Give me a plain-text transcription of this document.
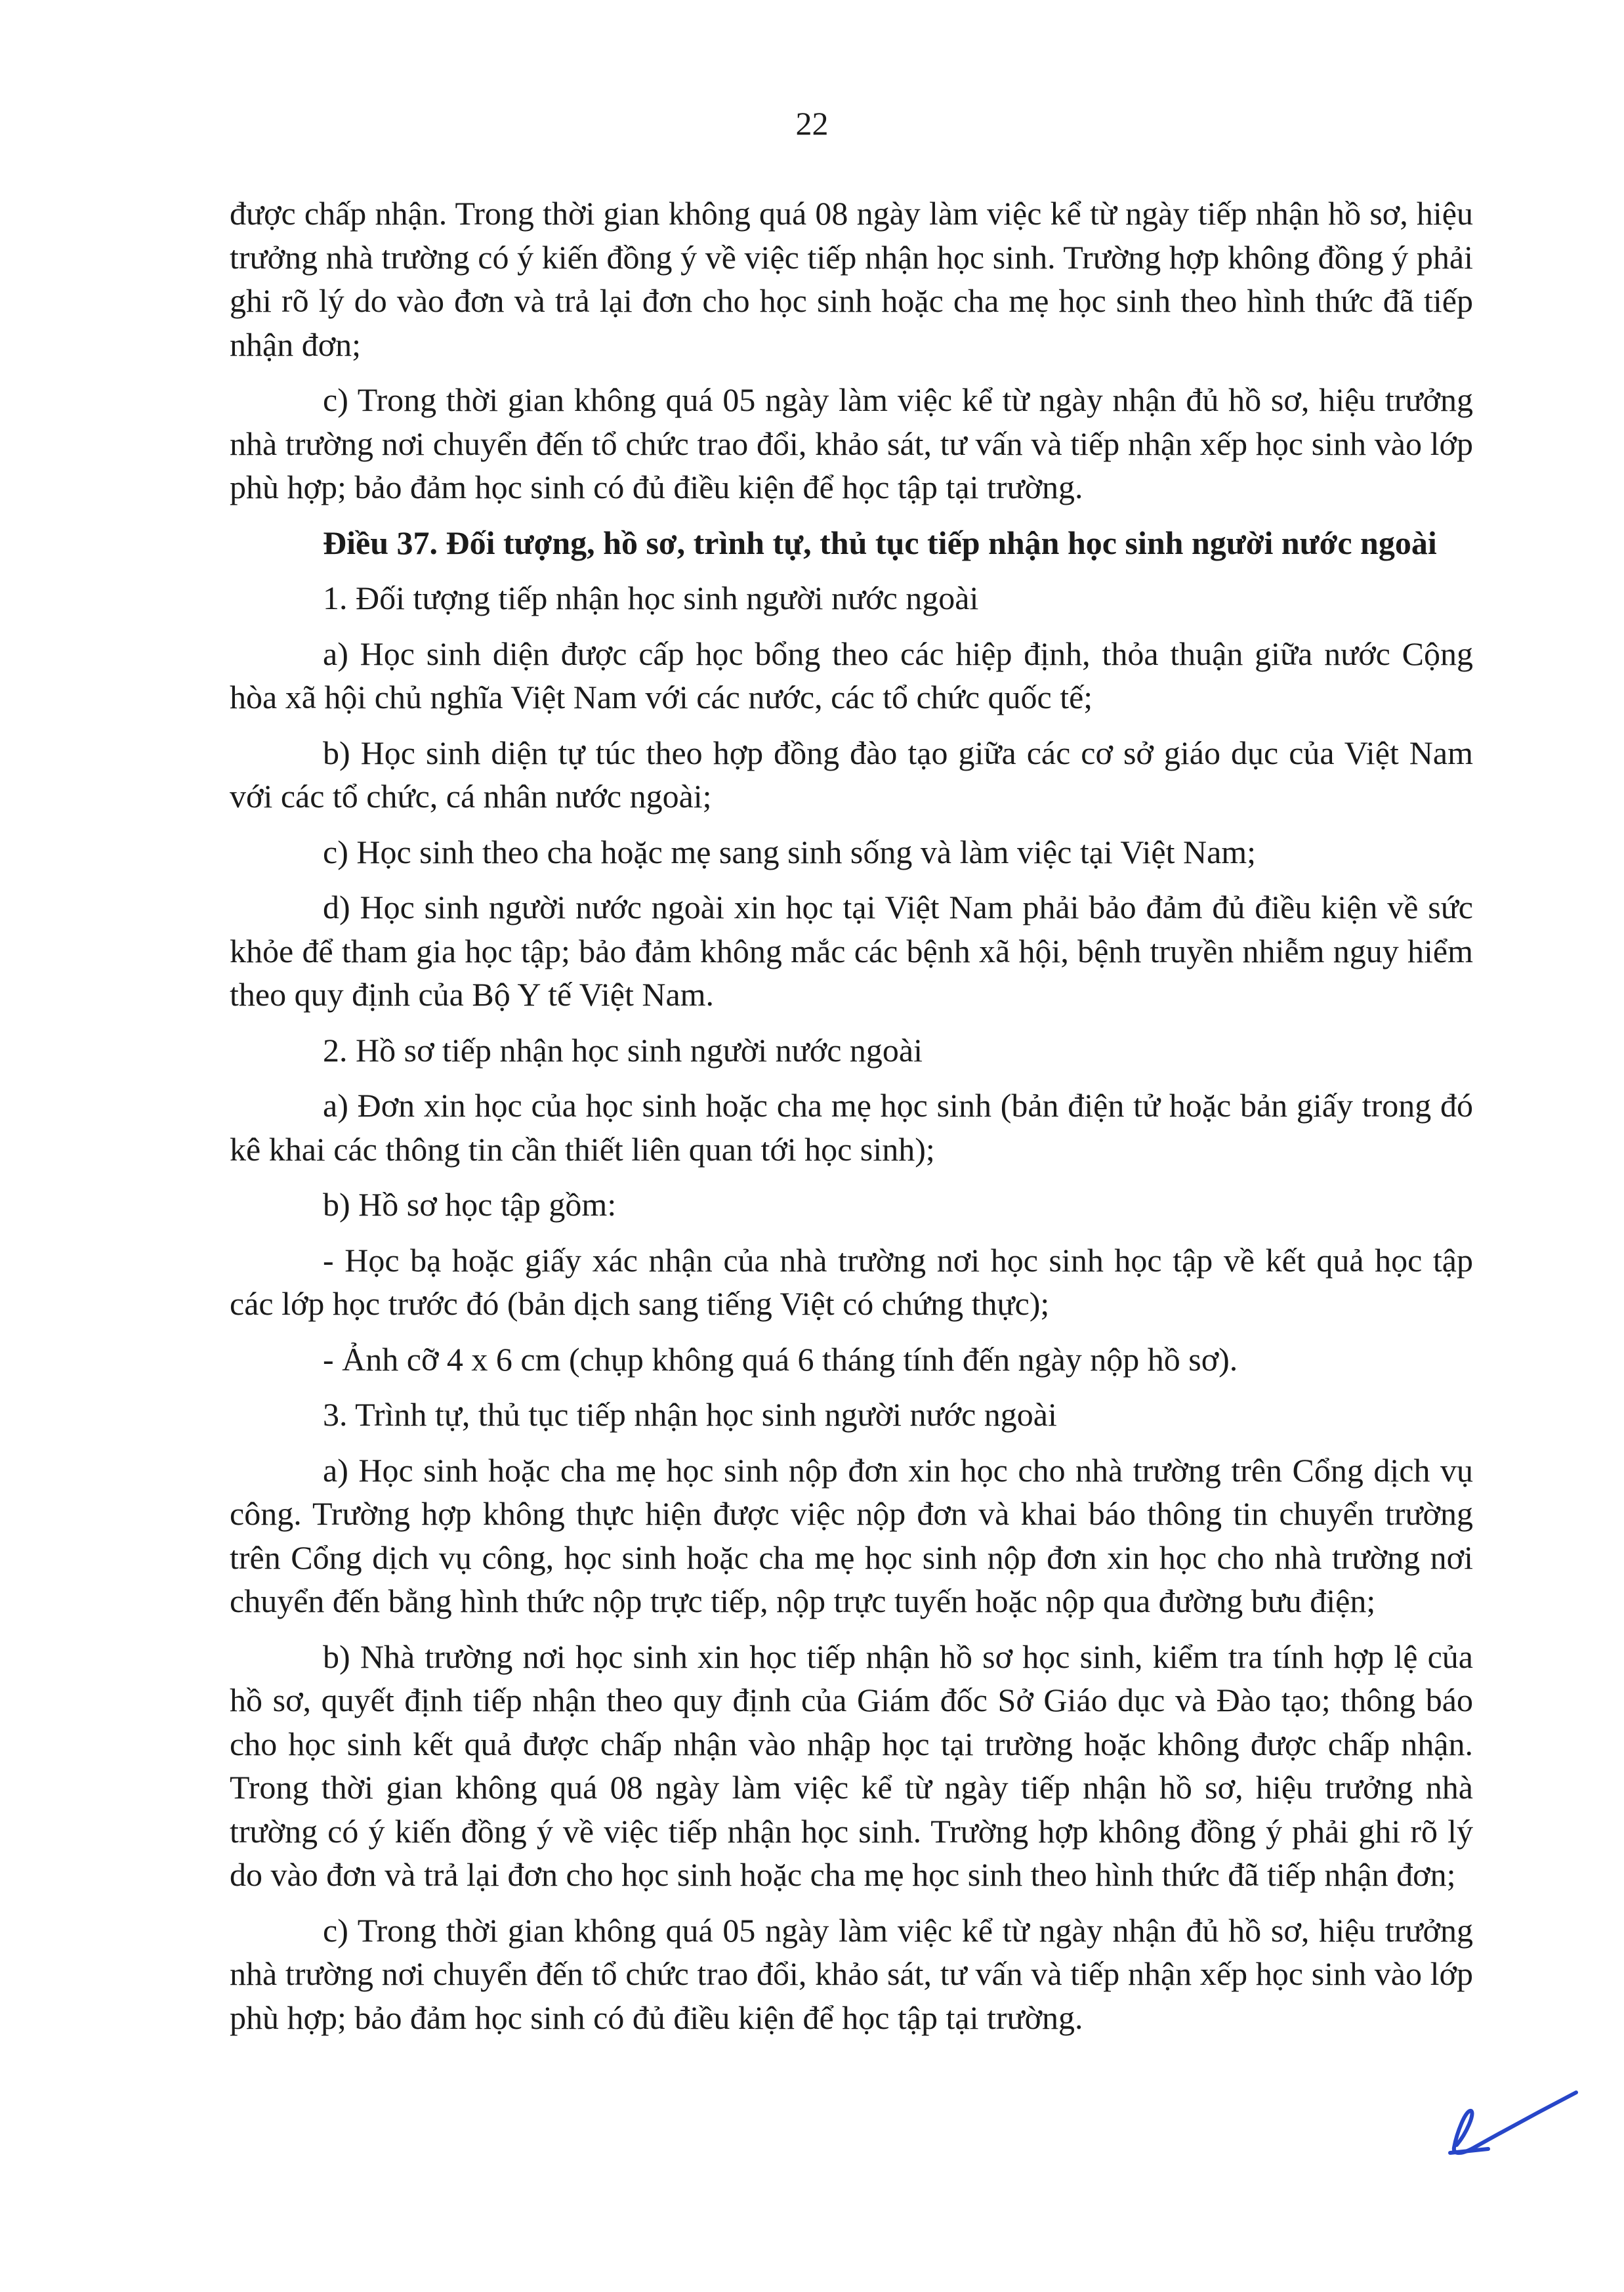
22

được chấp nhận. Trong thời gian không quá 08 ngày làm việc kể từ ngày tiếp nhận hồ sơ, hiệu trưởng nhà trường có ý kiến đồng ý về việc tiếp nhận học sinh. Trường hợp không đồng ý phải ghi rõ lý do vào đơn và trả lại đơn cho học sinh hoặc cha mẹ học sinh theo hình thức đã tiếp nhận đơn;

c) Trong thời gian không quá 05 ngày làm việc kể từ ngày nhận đủ hồ sơ, hiệu trưởng nhà trường nơi chuyển đến tổ chức trao đổi, khảo sát, tư vấn và tiếp nhận xếp học sinh vào lớp phù hợp; bảo đảm học sinh có đủ điều kiện để học tập tại trường.

Điều 37. Đối tượng, hồ sơ, trình tự, thủ tục tiếp nhận học sinh người nước ngoài

1. Đối tượng tiếp nhận học sinh người nước ngoài

a) Học sinh diện được cấp học bổng theo các hiệp định, thỏa thuận giữa nước Cộng hòa xã hội chủ nghĩa Việt Nam với các nước, các tổ chức quốc tế;

b) Học sinh diện tự túc theo hợp đồng đào tạo giữa các cơ sở giáo dục của Việt Nam với các tổ chức, cá nhân nước ngoài;

c) Học sinh theo cha hoặc mẹ sang sinh sống và làm việc tại Việt Nam;

d) Học sinh người nước ngoài xin học tại Việt Nam phải bảo đảm đủ điều kiện về sức khỏe để tham gia học tập; bảo đảm không mắc các bệnh xã hội, bệnh truyền nhiễm nguy hiểm theo quy định của Bộ Y tế Việt Nam.

2. Hồ sơ tiếp nhận học sinh người nước ngoài

a) Đơn xin học của học sinh hoặc cha mẹ học sinh (bản điện tử hoặc bản giấy trong đó kê khai các thông tin cần thiết liên quan tới học sinh);

b) Hồ sơ học tập gồm:

- Học bạ hoặc giấy xác nhận của nhà trường nơi học sinh học tập về kết quả học tập các lớp học trước đó (bản dịch sang tiếng Việt có chứng thực);

- Ảnh cỡ 4 x 6 cm (chụp không quá 6 tháng tính đến ngày nộp hồ sơ).

3. Trình tự, thủ tục tiếp nhận học sinh người nước ngoài

a) Học sinh hoặc cha mẹ học sinh nộp đơn xin học cho nhà trường trên Cổng dịch vụ công. Trường hợp không thực hiện được việc nộp đơn và khai báo thông tin chuyển trường trên Cổng dịch vụ công, học sinh hoặc cha mẹ học sinh nộp đơn xin học cho nhà trường nơi chuyển đến bằng hình thức nộp trực tiếp, nộp trực tuyến hoặc nộp qua đường bưu điện;

b) Nhà trường nơi học sinh xin học tiếp nhận hồ sơ học sinh, kiểm tra tính hợp lệ của hồ sơ, quyết định tiếp nhận theo quy định của Giám đốc Sở Giáo dục và Đào tạo; thông báo cho học sinh kết quả được chấp nhận vào nhập học tại trường hoặc không được chấp nhận. Trong thời gian không quá 08 ngày làm việc kể từ ngày tiếp nhận hồ sơ, hiệu trưởng nhà trường có ý kiến đồng ý về việc tiếp nhận học sinh. Trường hợp không đồng ý phải ghi rõ lý do vào đơn và trả lại đơn cho học sinh hoặc cha mẹ học sinh theo hình thức đã tiếp nhận đơn;

c) Trong thời gian không quá 05 ngày làm việc kể từ ngày nhận đủ hồ sơ, hiệu trưởng nhà trường nơi chuyển đến tổ chức trao đổi, khảo sát, tư vấn và tiếp nhận xếp học sinh vào lớp phù hợp; bảo đảm học sinh có đủ điều kiện để học tập tại trường.
